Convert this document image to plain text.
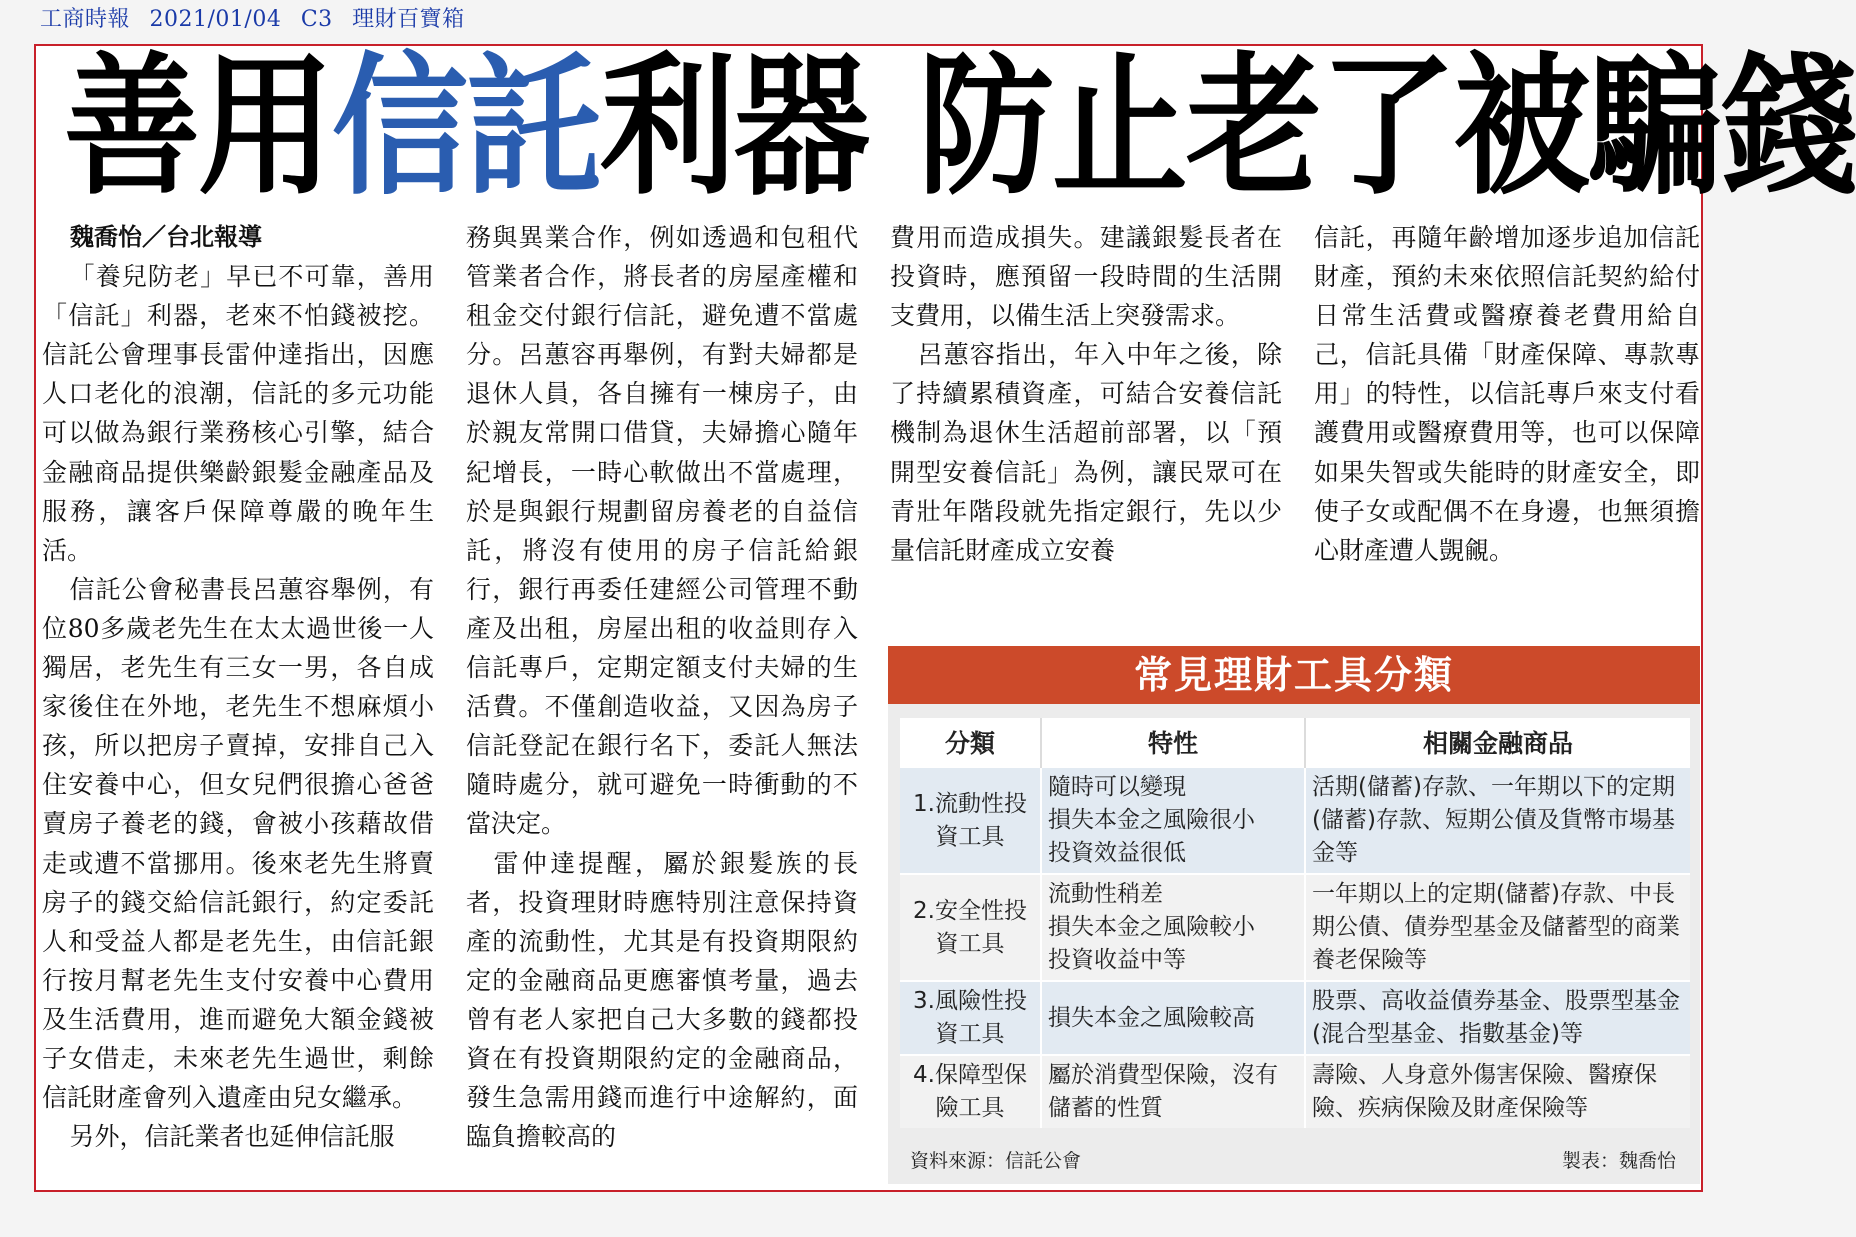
工商時報 2021/01/04 C3 理財百寶箱
善用信託利器 防止老了被騙錢

魏喬怡／台北報導

「養兒防老」早已不可靠，善用「信託」利器，老來不怕錢被挖。信託公會理事長雷仲達指出，因應人口老化的浪潮，信託的多元功能可以做為銀行業務核心引擎，結合金融商品提供樂齡銀髮金融產品及服務，讓客戶保障尊嚴的晚年生活。

信託公會秘書長呂蕙容舉例，有位80多歲老先生在太太過世後一人獨居，老先生有三女一男，各自成家後住在外地，老先生不想麻煩小孩，所以把房子賣掉，安排自己入住安養中心，但女兒們很擔心爸爸賣房子養老的錢，會被小孩藉故借走或遭不當挪用。後來老先生將賣房子的錢交給信託銀行，約定委託人和受益人都是老先生，由信託銀行按月幫老先生支付安養中心費用及生活費用，進而避免大額金錢被子女借走，未來老先生過世，剩餘信託財產會列入遺產由兒女繼承。

另外，信託業者也延伸信託服

務與異業合作，例如透過和包租代管業者合作，將長者的房屋產權和租金交付銀行信託，避免遭不當處分。呂蕙容再舉例，有對夫婦都是退休人員，各自擁有一棟房子，由於親友常開口借貸，夫婦擔心隨年紀增長，一時心軟做出不當處理，於是與銀行規劃留房養老的自益信託，將沒有使用的房子信託給銀行，銀行再委任建經公司管理不動產及出租，房屋出租的收益則存入信託專戶，定期定額支付夫婦的生活費。不僅創造收益，又因為房子信託登記在銀行名下，委託人無法隨時處分，就可避免一時衝動的不當決定。

雷仲達提醒，屬於銀髮族的長者，投資理財時應特別注意保持資產的流動性，尤其是有投資期限約定的金融商品更應審慎考量，過去曾有老人家把自己大多數的錢都投資在有投資期限約定的金融商品，發生急需用錢而進行中途解約，面臨負擔較高的

費用而造成損失。建議銀髮長者在投資時，應預留一段時間的生活開支費用，以備生活上突發需求。

呂蕙容指出，年入中年之後，除了持續累積資產，可結合安養信託機制為退休生活超前部署，以「預開型安養信託」為例，讓民眾可在青壯年階段就先指定銀行，先以少量信託財產成立安養

信託，再隨年齡增加逐步追加信託財產，預約未來依照信託契約給付日常生活費或醫療養老費用給自己，信託具備「財產保障、專款專用」的特性，以信託專戶來支付看護費用或醫療費用等，也可以保障如果失智或失能時的財產安全，即使子女或配偶不在身邊，也無須擔心財產遭人覬覦。

常見理財工具分類
分類	特性	相關金融商品
1.流動性投資工具	隨時可以變現
損失本金之風險很小
投資效益很低	活期(儲蓄)存款、一年期以下的定期(儲蓄)存款、短期公債及貨幣市場基金等
2.安全性投資工具	流動性稍差
損失本金之風險較小
投資收益中等	一年期以上的定期(儲蓄)存款、中長期公債、債券型基金及儲蓄型的商業養老保險等
3.風險性投資工具	損失本金之風險較高	股票、高收益債券基金、股票型基金(混合型基金、指數基金)等
4.保障型保險工具	屬於消費型保險，沒有儲蓄的性質	壽險、人身意外傷害保險、醫療保險、疾病保險及財產保險等
資料來源：信託公會	製表：魏喬怡
